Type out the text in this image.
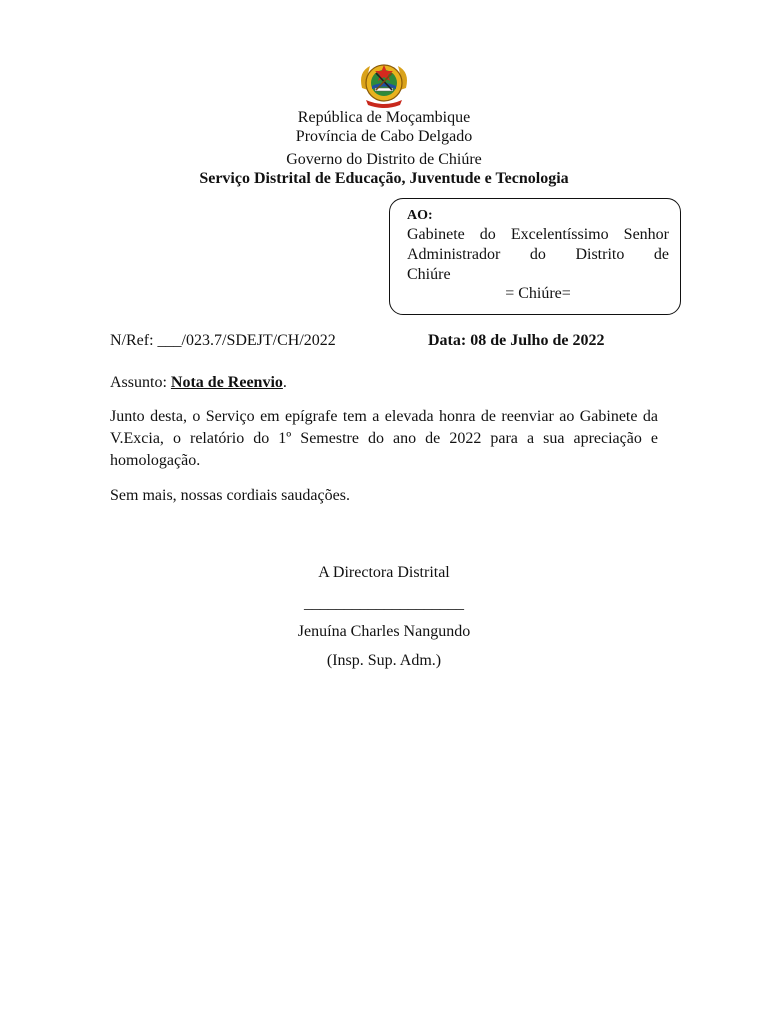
República de Moçambique
Província de Cabo Delgado
Governo do Distrito de Chiúre
Serviço Distrital de Educação, Juventude e Tecnologia
AO:
Gabinete do Excelentíssimo Senhor
Administrador do Distrito de
Chiúre
= Chiúre=
N/Ref: ___/023.7/SDEJT/CH/2022	Data: 08 de Julho de 2022
Assunto: Nota de Reenvio.
Junto desta, o Serviço em epígrafe tem a elevada honra de reenviar ao Gabinete da V.Excia, o relatório do 1º Semestre do ano de 2022 para a sua apreciação e homologação.
Sem mais, nossas cordiais saudações.
A Directora Distrital
____________________
Jenuína Charles Nangundo
(Insp. Sup. Adm.)
